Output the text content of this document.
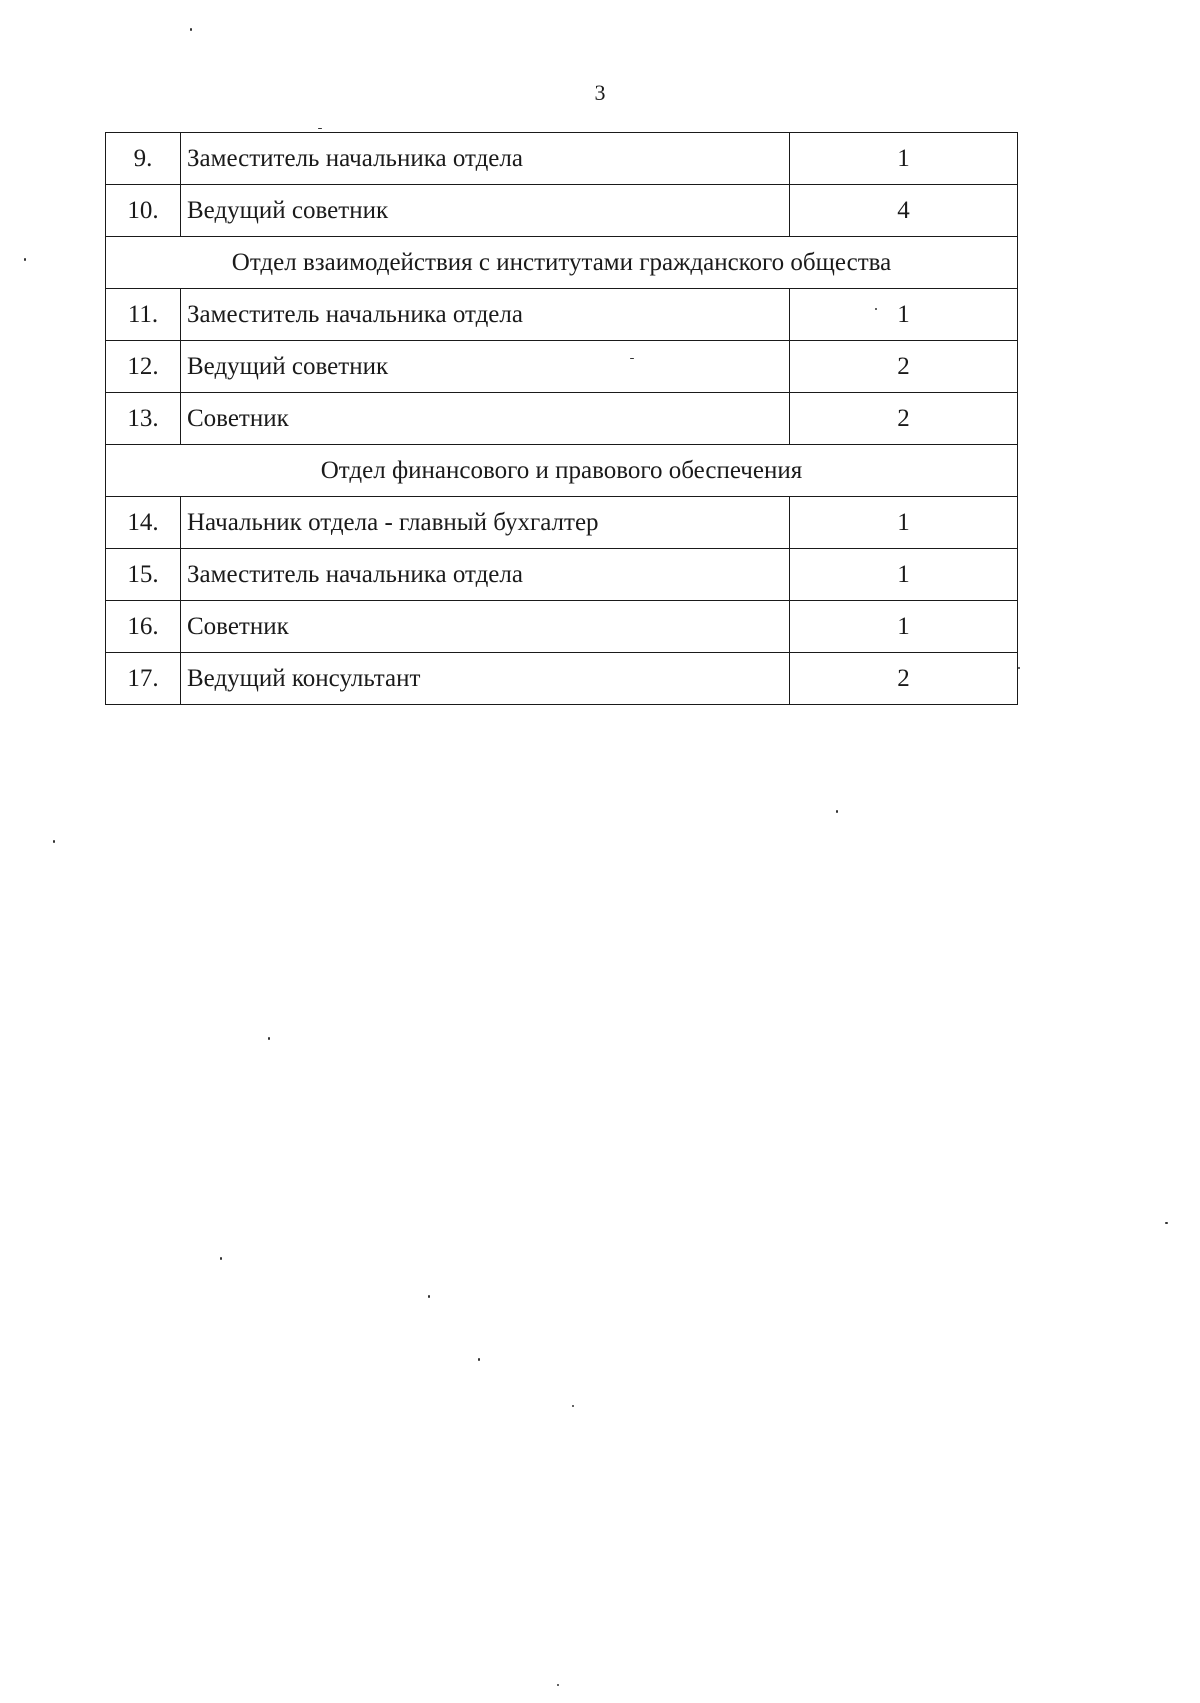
3
9.	Заместитель начальника отдела	1
10.	Ведущий советник	4
Отдел взаимодействия с институтами гражданского общества		
11.	Заместитель начальника отдела	1
12.	Ведущий советник	2
13.	Советник	2
Отдел финансового и правового обеспечения		
14.	Начальник отдела - главный бухгалтер	1
15.	Заместитель начальника отдела	1
16.	Советник	1
17.	Ведущий консультант	2
